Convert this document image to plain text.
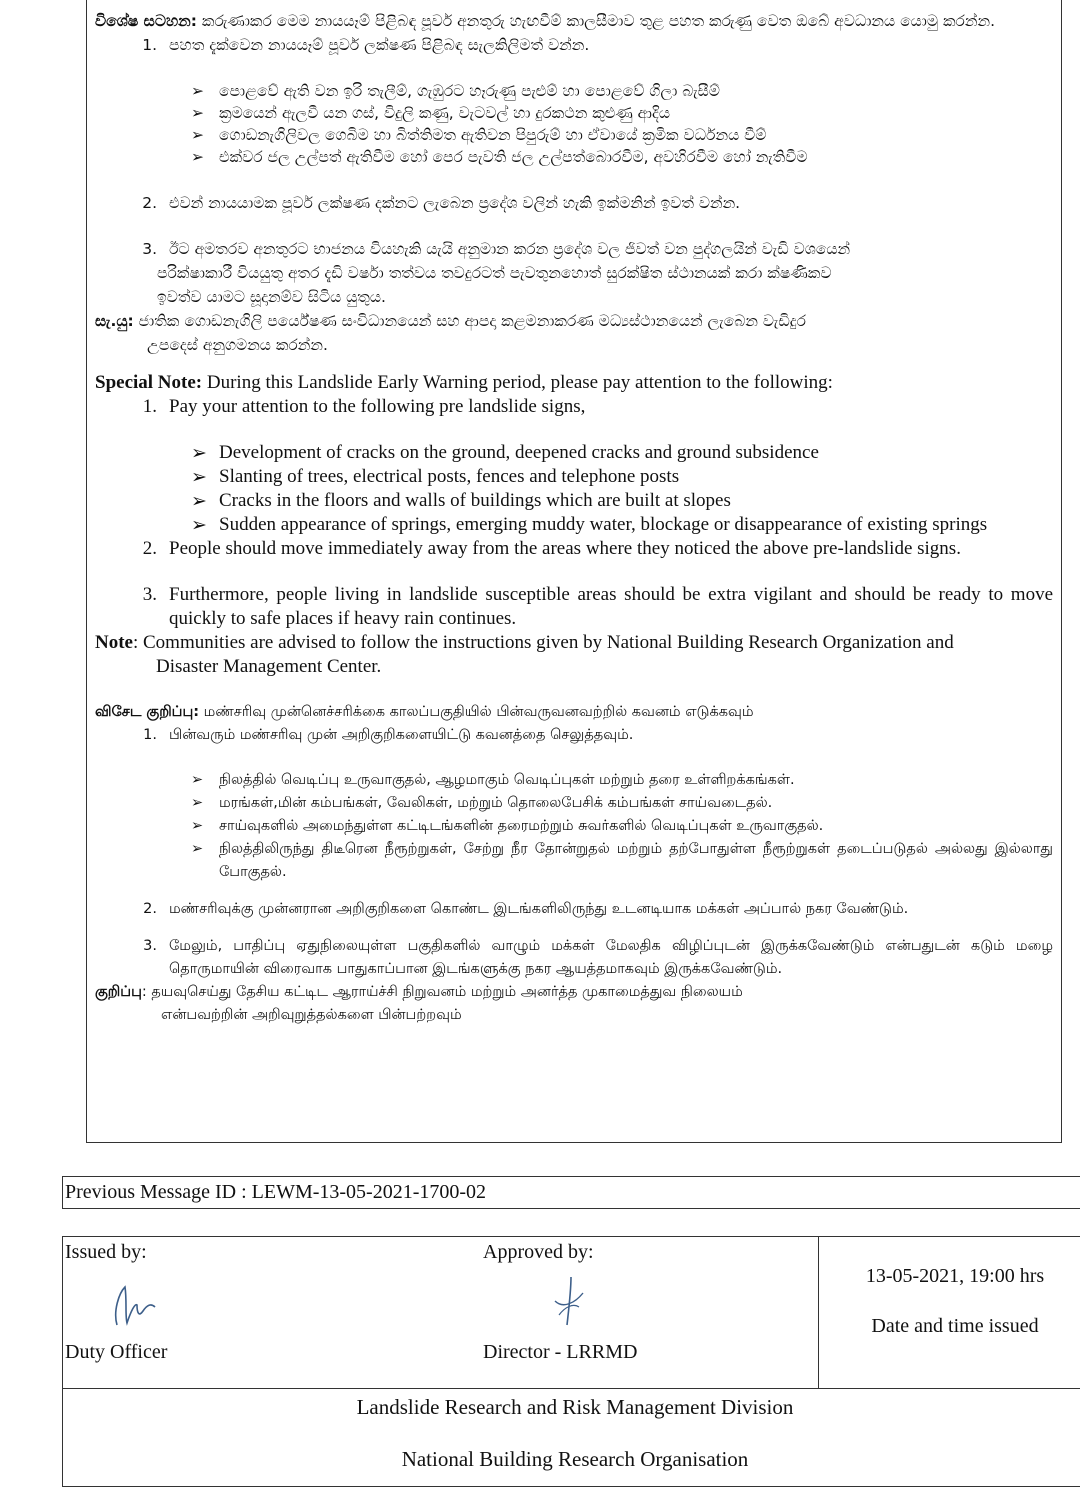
විශේෂ සටහන: කරුණාකර මෙම නායයෑම් පිළිබඳ පූර්ව අනතුරු හැඟවීම් කාලසීමාව තුළ පහත කරුණු වෙත ඔබේ අවධානය යොමු කරන්න.

1. පහත දැක්වෙන නායයෑම් පූර්ව ලක්ෂණ පිළිබඳ සැලකිලිමත් වන්න.
➢ පොළවේ ඇති වන ඉරි තැලීම්, ගැඹුරට හෑරුණු පැළුම් හා පොළවේ ගිලා බැසීම්
➢ ක්‍රමයෙන් ඇලවී යන ගස්, විදුලි කණු, වැටවල් හා දුරකථන කුළුණු ආදිය
➢ ගොඩනැගිලිවල ගෙබිම හා බිත්තිමත ඇතිවන පිපුරුම් හා ඒවායේ ක්‍රමික වර්ධනය වීම්
➢ එක්වර ජල උල්පත් ඇතිවීම හෝ පෙර පැවති ජල උල්පත්බොරවීම, අවහිරවීම හෝ නැතිවීම
2. එවන් නායයාමක පූර්ව ලක්ෂණ දක්නට ලැබෙන ප්‍රදේශ වලින් හැකි ඉක්මනින් ඉවත් වන්න.
3. ඊට අමතරව අනතුරට භාජනය වියහැකි යැයි අනුමාන කරන ප්‍රදේශ වල ජිවත් වන පුද්ගලයින් වැඩි වශයෙන්

පරික්ෂාකාරී වියයුතු අතර දැඩි වර්ෂා තත්වය තවදුරටත් පැවතුනහොත් සුරක්ෂිත ස්ථානයක් කරා ක්ෂණිකව

ඉවත්ව යාමට සූදානම්ව සිටිය යුතුය.

සැ.යු: ජාතික ගොඩනැගිලි පර්යේෂණ සංවිධානයෙන් සහ ආපදා කළමනාකරණ මධ්‍යස්ථානයෙන් ලැබෙන වැඩිදුර

උපදෙස් අනුගමනය කරන්න.

Special Note: During this Landslide Early Warning period, please pay attention to the following:

1. Pay your attention to the following pre landslide signs,
➢ Development of cracks on the ground, deepened cracks and ground subsidence
➢ Slanting of trees, electrical posts, fences and telephone posts
➢ Cracks in the floors and walls of buildings which are built at slopes
➢ Sudden appearance of springs, emerging muddy water, blockage or disappearance of existing springs
2. People should move immediately away from the areas where they noticed the above pre-landslide signs.
3. Furthermore, people living in landslide susceptible areas should be extra vigilant and should be ready to move quickly to safe places if heavy rain continues.

Note: Communities are advised to follow the instructions given by National Building Research Organization and

Disaster Management Center.

விசேட குறிப்பு: மண்சரிவு முன்னெச்சரிக்கை காலப்பகுதியில் பின்வருவனவற்றில் கவனம் எடுக்கவும்

1. பின்வரும் மண்சரிவு முன் அறிகுறிகளையிட்டு கவனத்தை செலுத்தவும்.
➢	நிலத்தில் வெடிப்பு உருவாகுதல், ஆழமாகும் வெடிப்புகள் மற்றும் தரை உள்ளிறக்கங்கள்.
➢	மரங்கள்,மின் கம்பங்கள், வேலிகள், மற்றும் தொலைபேசிக் கம்பங்கள் சாய்வடைதல்.
➢	சாய்வுகளில் அமைந்துள்ள கட்டிடங்களின் தரைமற்றும் சுவர்களில் வெடிப்புகள் உருவாகுதல்.
➢	நிலத்திலிருந்து திடீரென நீரூற்றுகள், சேற்று நீர தோன்றுதல் மற்றும் தற்போதுள்ள நீரூற்றுகள் தடைப்படுதல் அல்லது இல்லாது போகுதல்.
2. மண்சரிவுக்கு முன்னரான அறிகுறிகளை கொண்ட இடங்களிலிருந்து உடனடியாக மக்கள் அப்பால் நகர வேண்டும்.
3. மேலும், பாதிப்பு ஏதுநிலையுள்ள பகுதிகளில் வாழும் மக்கள் மேலதிக விழிப்புடன் இருக்கவேண்டும் என்பதுடன் கடும் மழை தொருமாயின் விரைவாக பாதுகாப்பான இடங்களுக்கு நகர ஆயத்தமாகவும் இருக்கவேண்டும்.

குறிப்பு: தயவுசெய்து தேசிய கட்டிட ஆராய்ச்சி நிறுவனம் மற்றும் அனர்த்த முகாமைத்துவ நிலையம்

என்பவற்றின் அறிவுறுத்தல்களை பின்பற்றவும்

Previous Message ID : LEWM-13-05-2021-1700-02
Issued by:
Duty Officer
Approved by:
Director - LRRMD
13-05-2021, 19:00 hrs
Date and time issued
Landslide Research and Risk Management Division
National Building Research Organisation
